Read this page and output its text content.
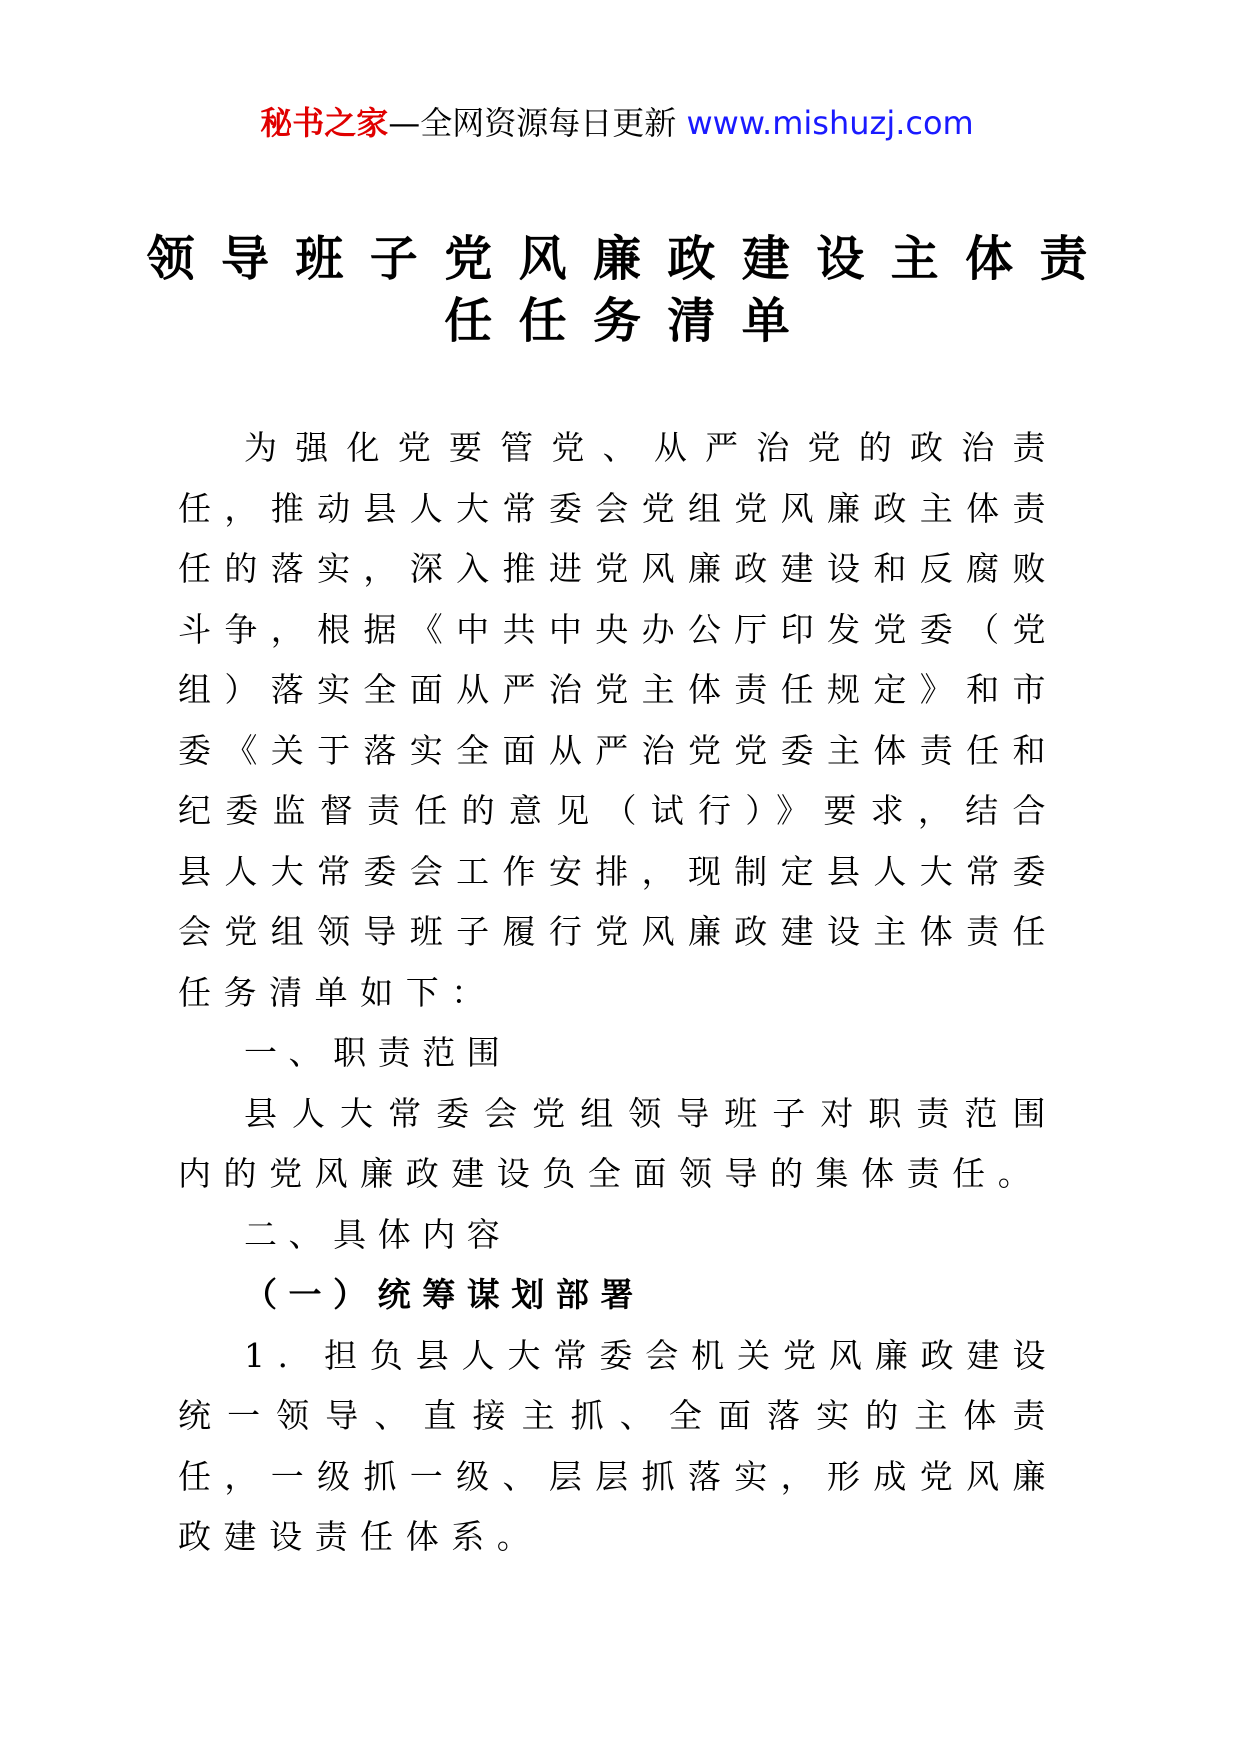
秘书之家—全网资源每日更新 www.mishuzj.com
领导班子党风廉政建设主体责
任任务清单

为强化党要管党、从严治党的政治责任，推动县人大常委会党组党风廉政主体责任的落实，深入推进党风廉政建设和反腐败斗争，根据《中共中央办公厅印发党委（党组）落实全面从严治党主体责任规定》和市委《关于落实全面从严治党党委主体责任和纪委监督责任的意见（试行）》要求，结合县人大常委会工作安排，现制定县人大常委会党组领导班子履行党风廉政建设主体责任任务清单如下：

一、职责范围

县人大常委会党组领导班子对职责范围内的党风廉政建设负全面领导的集体责任。

二、具体内容

（一）统筹谋划部署

1. 担负县人大常委会机关党风廉政建设统一领导、直接主抓、全面落实的主体责任，一级抓一级、层层抓落实，形成党风廉政建设责任体系。
